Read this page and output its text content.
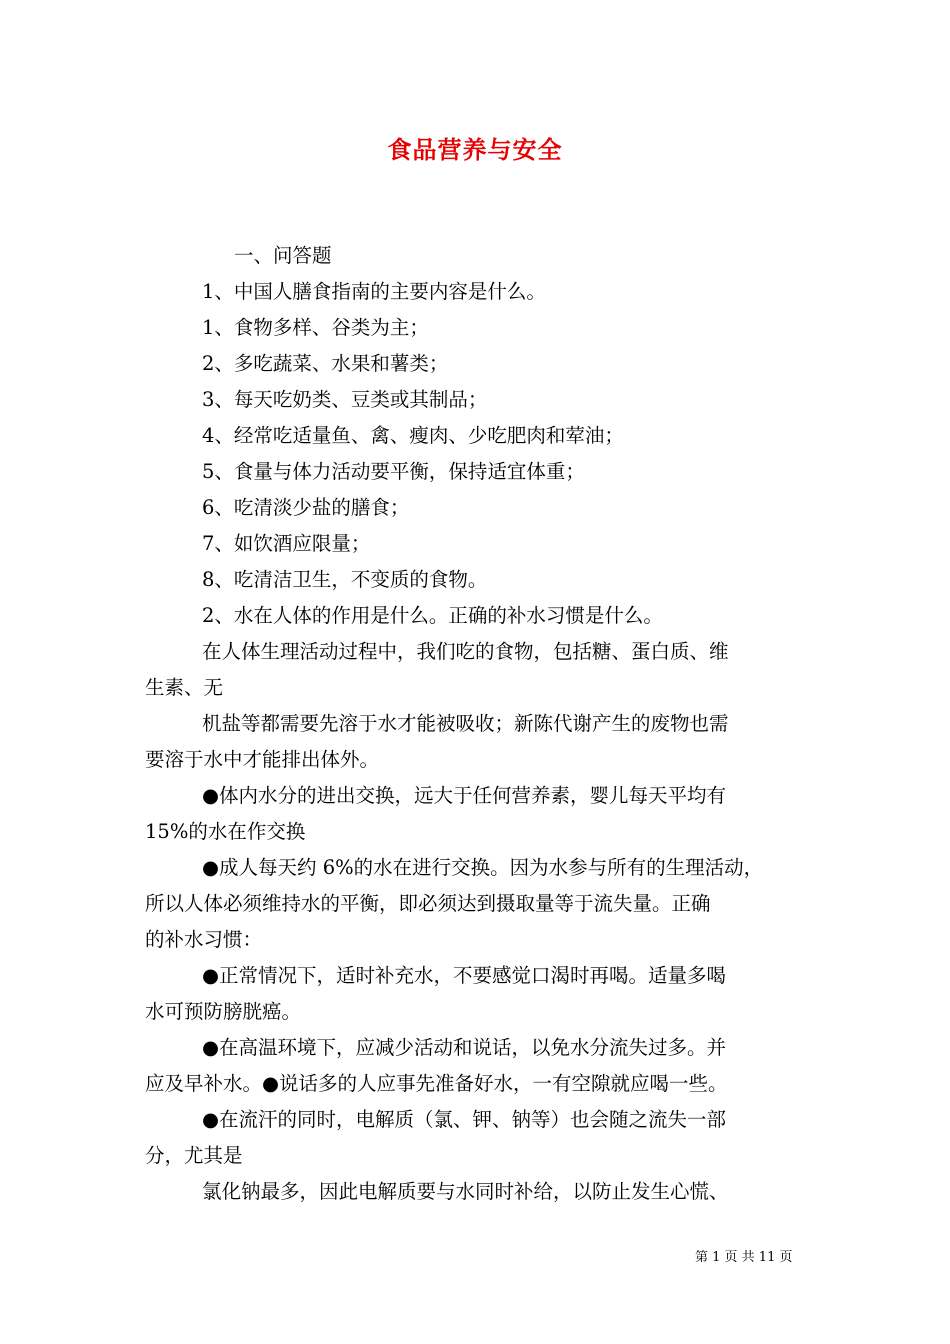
食品营养与安全
一、问答题
1、中国人膳食指南的主要内容是什么。
1、食物多样、谷类为主；
2、多吃蔬菜、水果和薯类；
3、每天吃奶类、豆类或其制品；
4、经常吃适量鱼、禽、瘦肉、少吃肥肉和荤油；
5、食量与体力活动要平衡，保持适宜体重；
6、吃清淡少盐的膳食；
7、如饮酒应限量；
8、吃清洁卫生，不变质的食物。
2、水在人体的作用是什么。正确的补水习惯是什么。
在人体生理活动过程中，我们吃的食物，包括糖、蛋白质、维
生素、无
机盐等都需要先溶于水才能被吸收；新陈代谢产生的废物也需
要溶于水中才能排出体外。
●体内水分的进出交换，远大于任何营养素，婴儿每天平均有
15%的水在作交换
●成人每天约 6%的水在进行交换。因为水参与所有的生理活动，
所以人体必须维持水的平衡，即必须达到摄取量等于流失量。正确
的补水习惯：
●正常情况下，适时补充水，不要感觉口渴时再喝。适量多喝
水可预防膀胱癌。
●在高温环境下，应减少活动和说话，以免水分流失过多。并
应及早补水。●说话多的人应事先准备好水，一有空隙就应喝一些。
●在流汗的同时，电解质（氯、钾、钠等）也会随之流失一部
分，尤其是
氯化钠最多，因此电解质要与水同时补给，以防止发生心慌、
第 1 页 共 11 页
